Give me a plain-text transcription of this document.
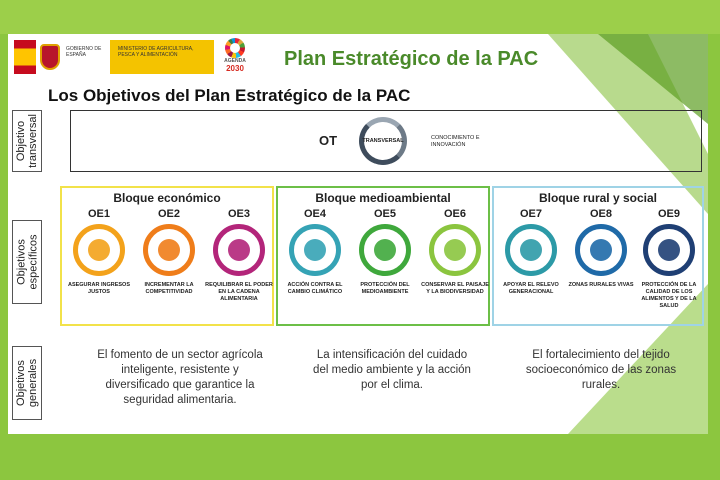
GOBIERNO DE ESPAÑA
MINISTERIO DE AGRICULTURA, PESCA Y ALIMENTACIÓN
AGENDA
2030	Plan Estratégico de la PAC
Los Objetivos del Plan Estratégico de la PAC
Objetivo transversal
Objetivos específicos
Objetivos generales
OT	TRANSVERSAL	CONOCIMIENTO E INNOVACIÓN
Bloque económico
OE1
ASEGURAR INGRESOS JUSTOS
OE2
INCREMENTAR LA COMPETITIVIDAD
OE3
REQUILIBRAR EL PODER EN LA CADENA ALIMENTARIA
Bloque medioambiental
OE4
ACCIÓN CONTRA EL CAMBIO CLIMÁTICO
OE5
PROTECCIÓN DEL MEDIOAMBIENTE
OE6
CONSERVAR EL PAISAJE Y LA BIODIVERSIDAD
Bloque rural y social
OE7
APOYAR EL RELEVO GENERACIONAL
OE8
ZONAS RURALES VIVAS
OE9
PROTECCIÓN DE LA CALIDAD DE LOS ALIMENTOS Y DE LA SALUD
El fomento de un sector agrícola inteligente, resistente y diversificado que garantice la seguridad alimentaria.
La intensificación del cuidado del medio ambiente y la acción por el clima.
El fortalecimiento del tejido socioeconómico de las zonas rurales.
